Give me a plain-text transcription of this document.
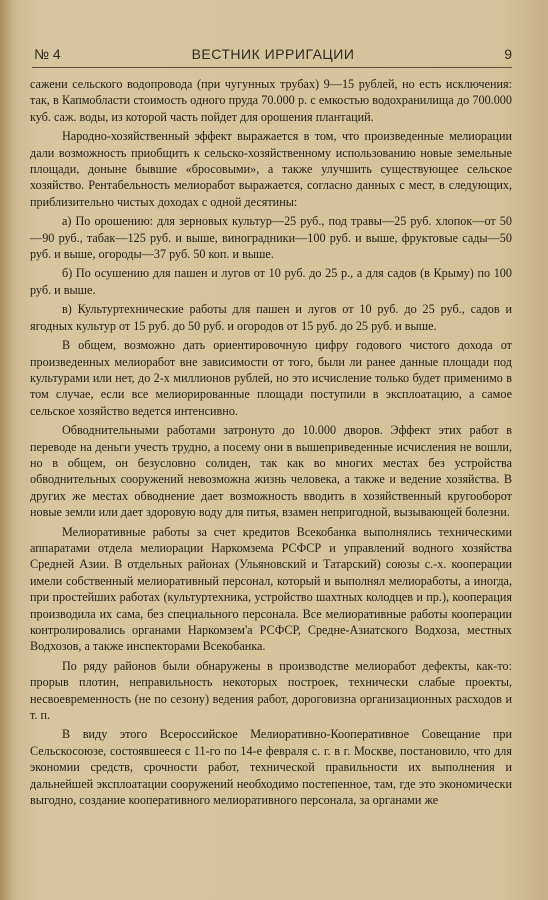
№ 4	ВЕСТНИК ИРРИГАЦИИ	9

сажени сельского водопровода (при чугунных трубах) 9—15 рублей, но есть исключения: так, в Капмобласти стоимость одного пруда 70.000 р. с емкостью водохранилища до 700.000 куб. саж. воды, из которой часть пойдет для орошения плантаций.

Народно-хозяйственный эффект выражается в том, что произведенные мелиорации дали возможность приобщить к сельско-хозяйственному использованию новые земельные площади, доныне бывшие «бросовыми», а также улучшить существующее сельское хозяйство. Рентабельность мелиоработ выражается, согласно данных с мест, в следующих, приблизительно чистых доходах с одной десятины:

а) По орошению: для зерновых культур—25 руб., под травы—25 руб. хлопок—от 50—90 руб., табак—125 руб. и выше, виноградники—100 руб. и выше, фруктовые сады—50 руб. и выше, огороды—37 руб. 50 коп. и выше.

б) По осушению для пашен и лугов от 10 руб. до 25 р., а для садов (в Крыму) по 100 руб. и выше.

в) Культуртехнические работы для пашен и лугов от 10 руб. до 25 руб., садов и ягодных культур от 15 руб. до 50 руб. и огородов от 15 руб. до 25 руб. и выше.

В общем, возможно дать ориентировочную цифру годового чистого дохода от произведенных мелиоработ вне зависимости от того, были ли ранее данные площади под культурами или нет, до 2-х миллионов рублей, но это исчисление только будет применимо в том случае, если все мелиорированные площади поступили в эксплоатацию, а самое сельское хозяйство ведется интенсивно.

Обводнительными работами затронуто до 10.000 дворов. Эффект этих работ в переводе на деньги учесть трудно, а посему они в вышеприведенные исчисления не вошли, но в общем, он безусловно солиден, так как во многих местах без устройства обводнительных сооружений невозможна жизнь человека, а также и ведение хозяйства. В других же местах обводнение дает возможность вводить в хозяйственный кругооборот новые земли или дает здоровую воду для питья, взамен непригодной, вызывающей болезни.

Мелиоративные работы за счет кредитов Всекобанка выполнялись техническими аппаратами отдела мелиорации Наркомзема РСФСР и управлений водного хозяйства Средней Азии. В отдельных районах (Ульяновский и Татарский) союзы с.-х. кооперации имели собственный мелиоративный персонал, который и выполнял мелиоработы, а иногда, при простейших работах (культуртехника, устройство шахтных колодцев и пр.), кооперация производила их сама, без специального персонала. Все мелиоративные работы кооперации контролировались органами Наркомзем'а РСФСР, Средне-Азиатского Водхоза, местных Водхозов, а также инспекторами Всекобанка.

По ряду районов были обнаружены в производстве мелиоработ дефекты, как-то: прорыв плотин, неправильность некоторых построек, технически слабые проекты, несвоевременность (не по сезону) ведения работ, дороговизна организационных расходов и т. п.

В виду этого Всероссийское Мелиоративно-Кооперативное Совещание при Сельскосоюзе, состоявшееся с 11-го по 14-е февраля с. г. в г. Москве, постановило, что для экономии средств, срочности работ, технической правильности их выполнения и дальнейшей эксплоатации сооружений необходимо постепенное, там, где это экономически выгодно, создание кооперативного мелиоративного персонала, за органами же
